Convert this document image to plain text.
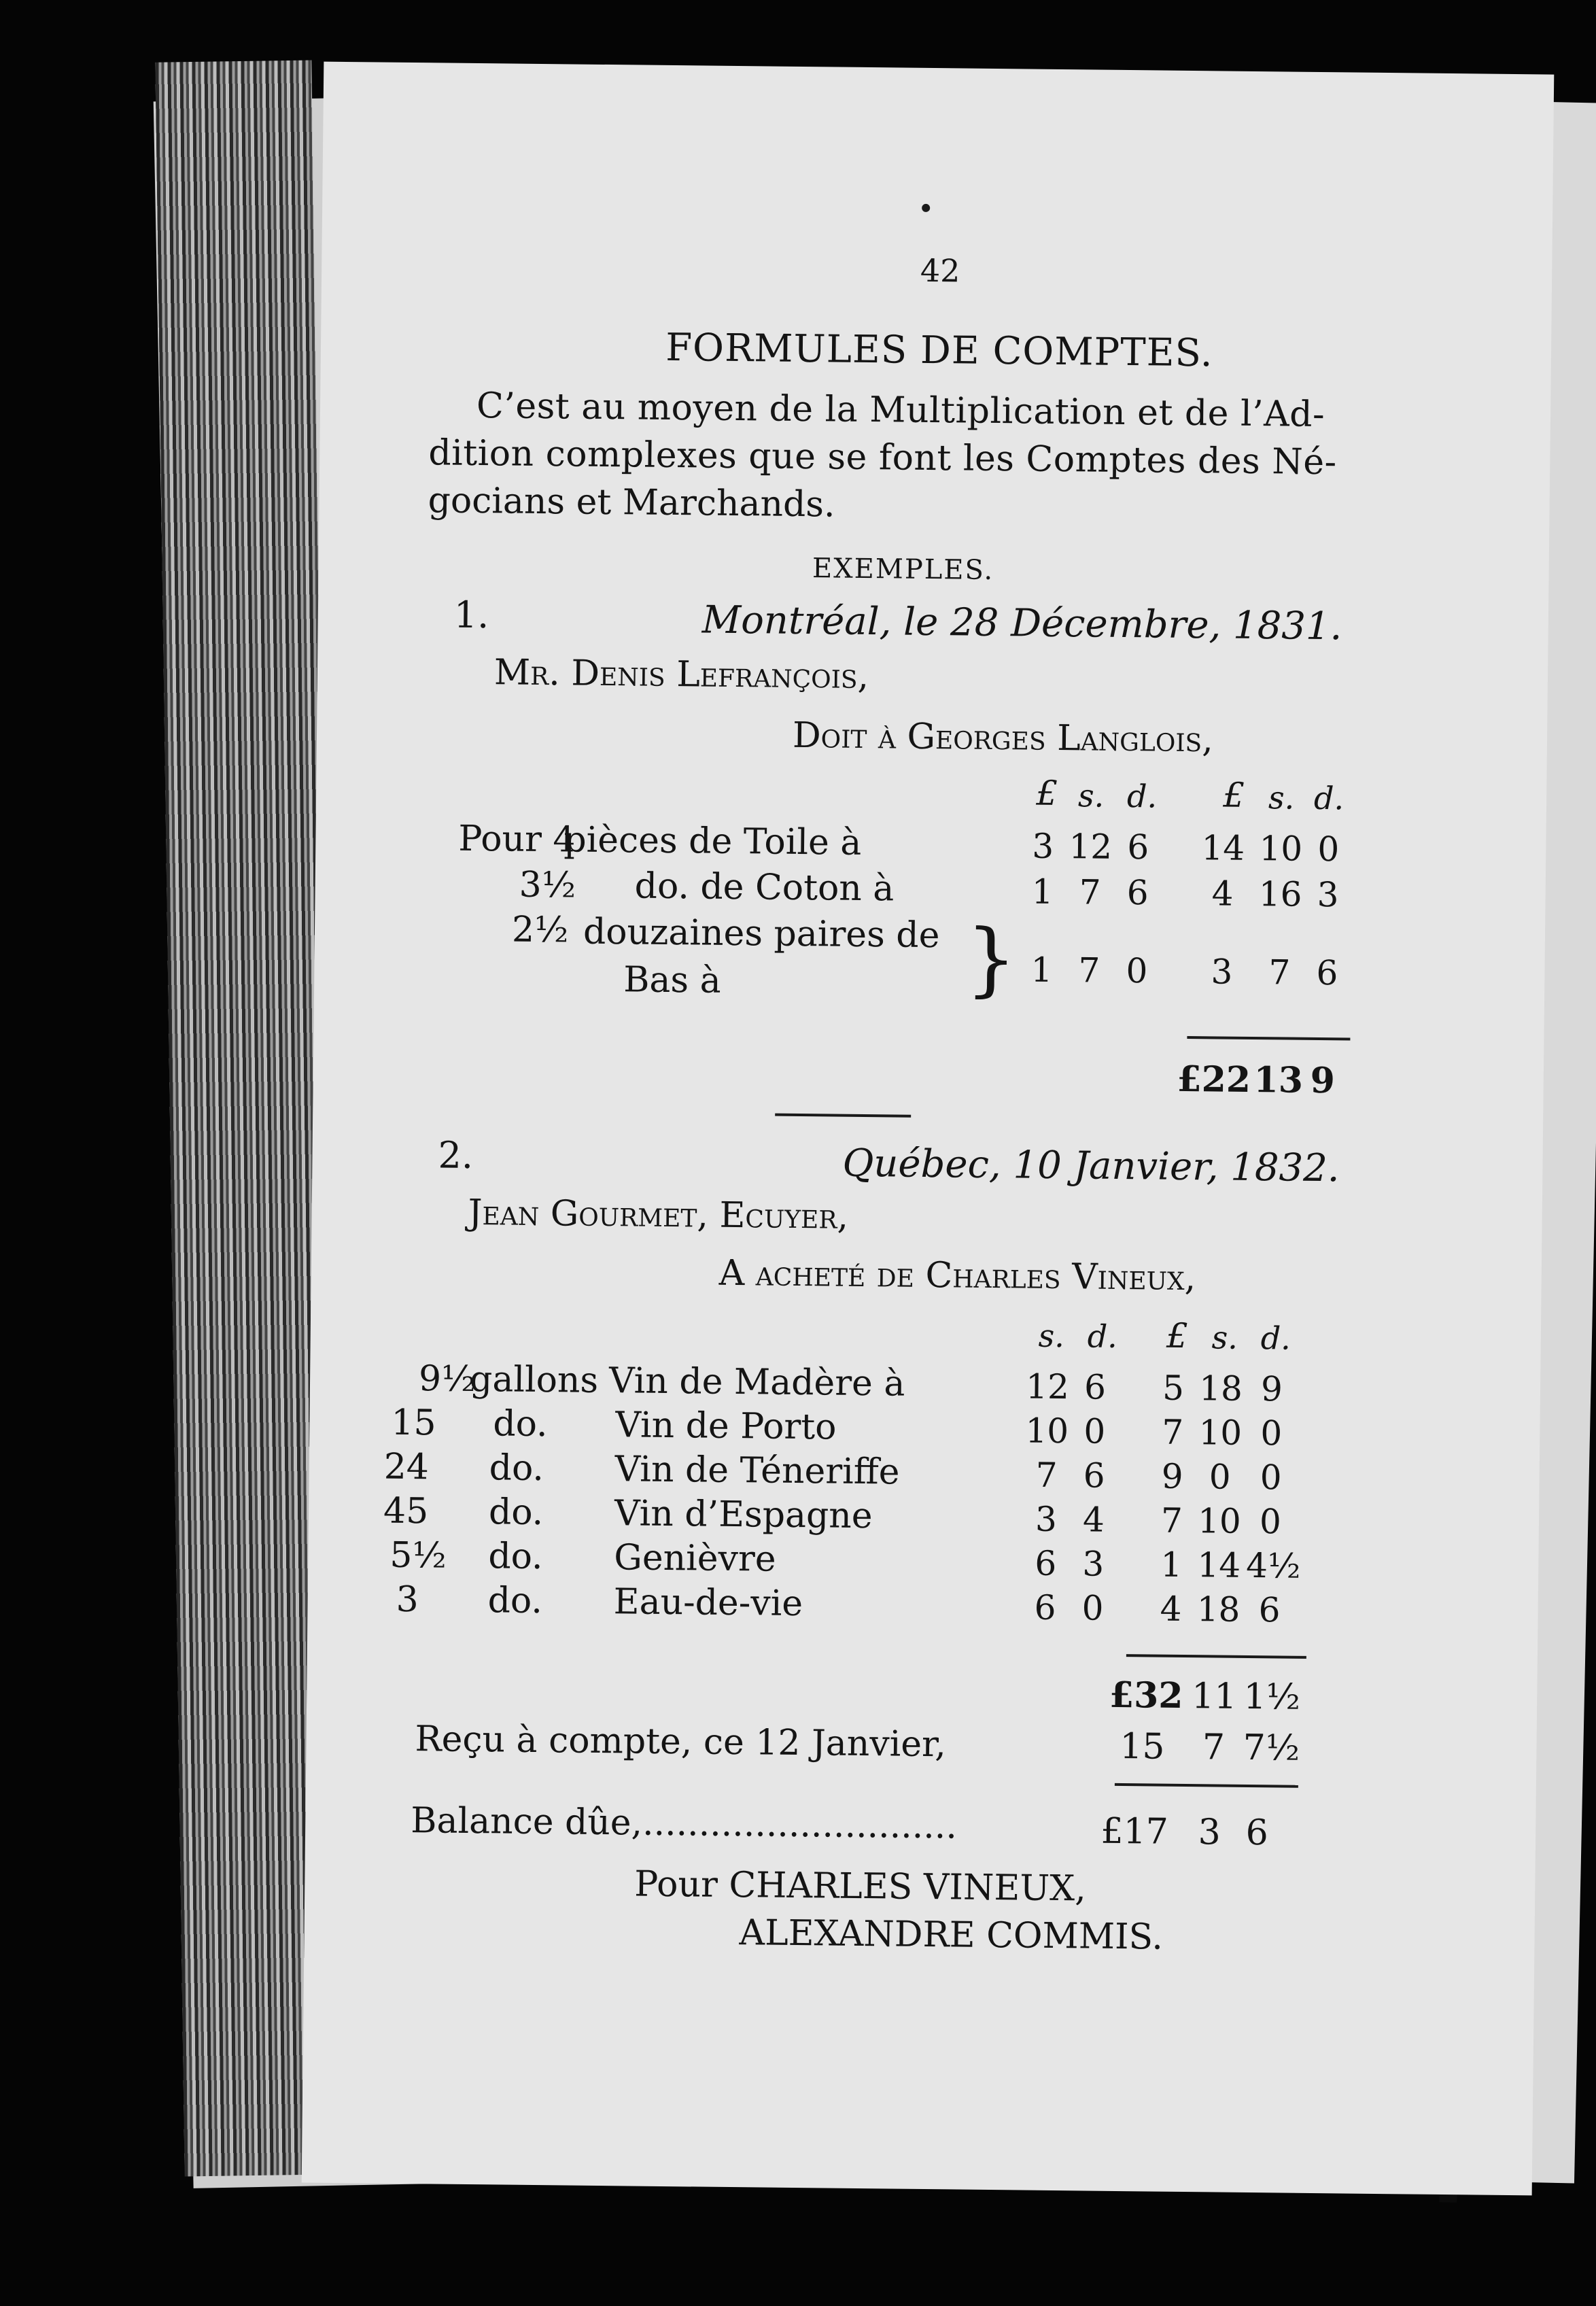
42
FORMULES DE COMPTES.
C’est au moyen de la Multiplication et de l’Ad-
dition complexes que se font les Comptes des Né-
gocians et Marchands.
EXEMPLES.
1.	Montréal, le 28 Décembre, 1831.
Mr. Denis Lefrançois,
Doit à Georges Langlois,
£ s. d.	£ s. d.
Pour 4
pièces de Toile à	3 12 6 14 10 0
3½ do. de Coton à	1 7 6	4 16 3
2½ douzaines paires de
Bas à	} 1 7 0	3	7 6
£22 13 9
2.	Québec, 10 Janvier, 1832.
Jean Gourmet, Ecuyer,
A acheté de Charles Vineux,
s. d.	£ s. d.
9½
gallons Vin de Madère à	12 6	5 18 9
15 do. Vin de Porto	10 0	7 10 0
24 do. Vin de Téneriffe	7 6	9 0 0
45 do. Vin d’Espagne	3 4	7 10 0
5½ do. Genièvre	6 3	1 14 4½
3 do. Eau-de-vie	6 0	4 18 6
£32 11 1½
Reçu à compte, ce 12 Janvier,	15	7 7½
Balance dûe,............................	£17 3 6
Pour CHARLES VINEUX,
ALEXANDRE COMMIS.
